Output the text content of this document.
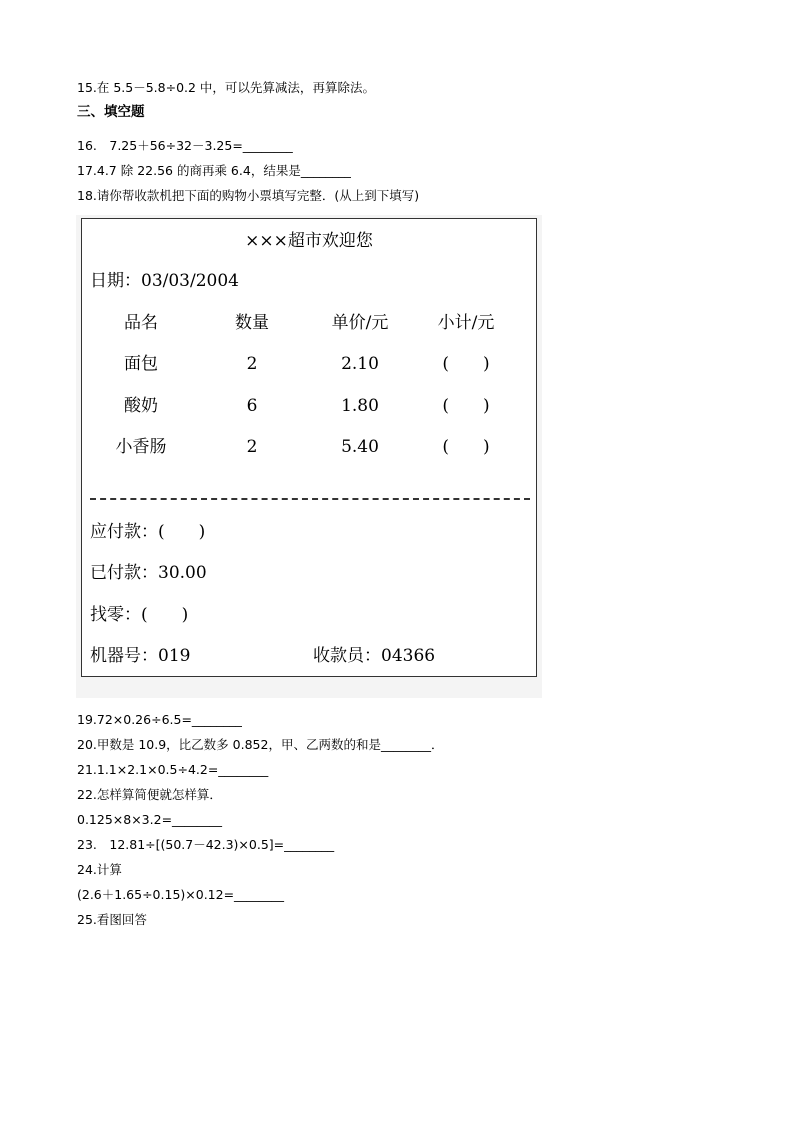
15.在 5.5－5.8÷0.2 中，可以先算减法，再算除法。
三、填空题
16.　7.25＋56÷32－3.25=________
17.4.7 除 22.56 的商再乘 6.4，结果是________
18.请你帮收款机把下面的购物小票填写完整．(从上到下填写)
×××超市欢迎您
日期：03/03/2004
品名	数量	单价/元	小计/元
面包	2	2.10	(　　)
酸奶	6	1.80	(　　)
小香肠	2	5.40	(　　)
应付款：(　　)
已付款：30.00
找零：(　　)
机器号：019	收款员：04366
19.72×0.26÷6.5=________
20.甲数是 10.9，比乙数多 0.852，甲、乙两数的和是________．
21.1.1×2.1×0.5÷4.2=________
22.怎样算简便就怎样算．
0.125×8×3.2=________
23.　12.81÷[(50.7－42.3)×0.5]=________
24.计算
(2.6＋1.65÷0.15)×0.12=________
25.看图回答
